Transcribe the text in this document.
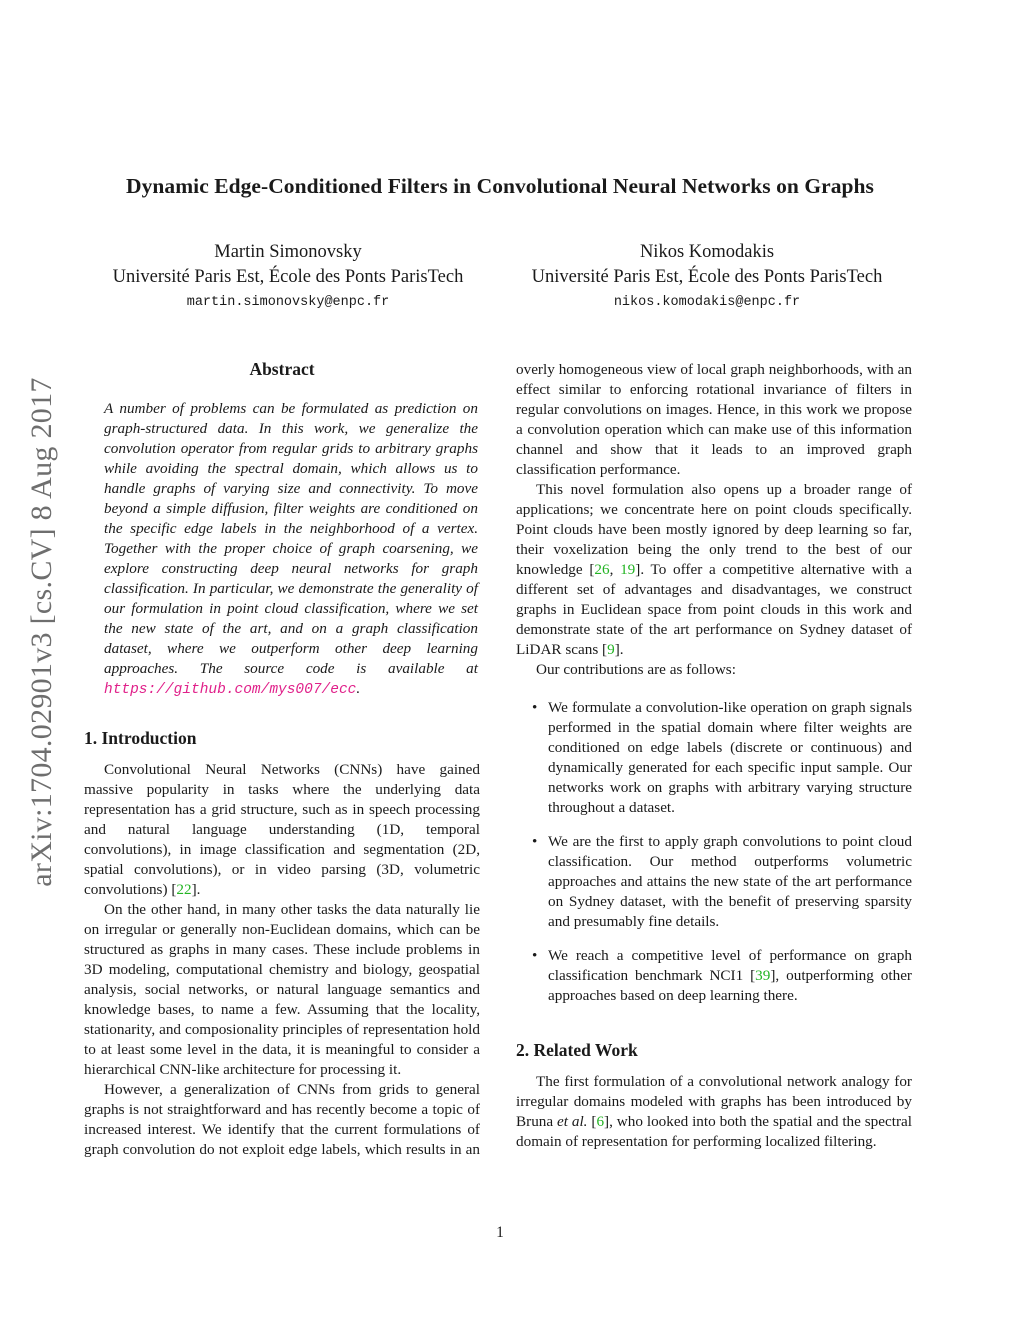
arXiv:1704.02901v3 [cs.CV] 8 Aug 2017
Dynamic Edge-Conditioned Filters in Convolutional Neural Networks on Graphs
Martin Simonovsky
Université Paris Est, École des Ponts ParisTech
martin.simonovsky@enpc.fr
Nikos Komodakis
Université Paris Est, École des Ponts ParisTech
nikos.komodakis@enpc.fr
Abstract

A number of problems can be formulated as prediction on graph-structured data. In this work, we generalize the convolution operator from regular grids to arbitrary graphs while avoiding the spectral domain, which allows us to handle graphs of varying size and connectivity. To move beyond a simple diffusion, filter weights are conditioned on the specific edge labels in the neighborhood of a vertex. Together with the proper choice of graph coarsening, we explore constructing deep neural networks for graph classification. In particular, we demonstrate the generality of our formulation in point cloud classification, where we set the new state of the art, and on a graph classification dataset, where we outperform other deep learning approaches. The source code is available at https://github.com/mys007/ecc.

1. Introduction

Convolutional Neural Networks (CNNs) have gained massive popularity in tasks where the underlying data representation has a grid structure, such as in speech processing and natural language understanding (1D, temporal convolutions), in image classification and segmentation (2D, spatial convolutions), or in video parsing (3D, volumetric convolutions) [22].

On the other hand, in many other tasks the data naturally lie on irregular or generally non-Euclidean domains, which can be structured as graphs in many cases. These include problems in 3D modeling, computational chemistry and biology, geospatial analysis, social networks, or natural language semantics and knowledge bases, to name a few. Assuming that the locality, stationarity, and composionality principles of representation hold to at least some level in the data, it is meaningful to consider a hierarchical CNN-like architecture for processing it.

However, a generalization of CNNs from grids to general graphs is not straightforward and has recently become a topic of increased interest. We identify that the current formulations of graph convolution do not exploit edge labels, which results in an

overly homogeneous view of local graph neighborhoods, with an effect similar to enforcing rotational invariance of filters in regular convolutions on images. Hence, in this work we propose a convolution operation which can make use of this information channel and show that it leads to an improved graph classification performance.

This novel formulation also opens up a broader range of applications; we concentrate here on point clouds specifically. Point clouds have been mostly ignored by deep learning so far, their voxelization being the only trend to the best of our knowledge [26, 19]. To offer a competitive alternative with a different set of advantages and disadvantages, we construct graphs in Euclidean space from point clouds in this work and demonstrate state of the art performance on Sydney dataset of LiDAR scans [9].

Our contributions are as follows:

• We formulate a convolution-like operation on graph signals performed in the spatial domain where filter weights are conditioned on edge labels (discrete or continuous) and dynamically generated for each specific input sample. Our networks work on graphs with arbitrary varying structure throughout a dataset.
• We are the first to apply graph convolutions to point cloud classification. Our method outperforms volumetric approaches and attains the new state of the art performance on Sydney dataset, with the benefit of preserving sparsity and presumably fine details.
• We reach a competitive level of performance on graph classification benchmark NCI1 [39], outperforming other approaches based on deep learning there.
2. Related Work

The first formulation of a convolutional network analogy for irregular domains modeled with graphs has been introduced by Bruna et al. [6], who looked into both the spatial and the spectral domain of representation for performing localized filtering.

1
